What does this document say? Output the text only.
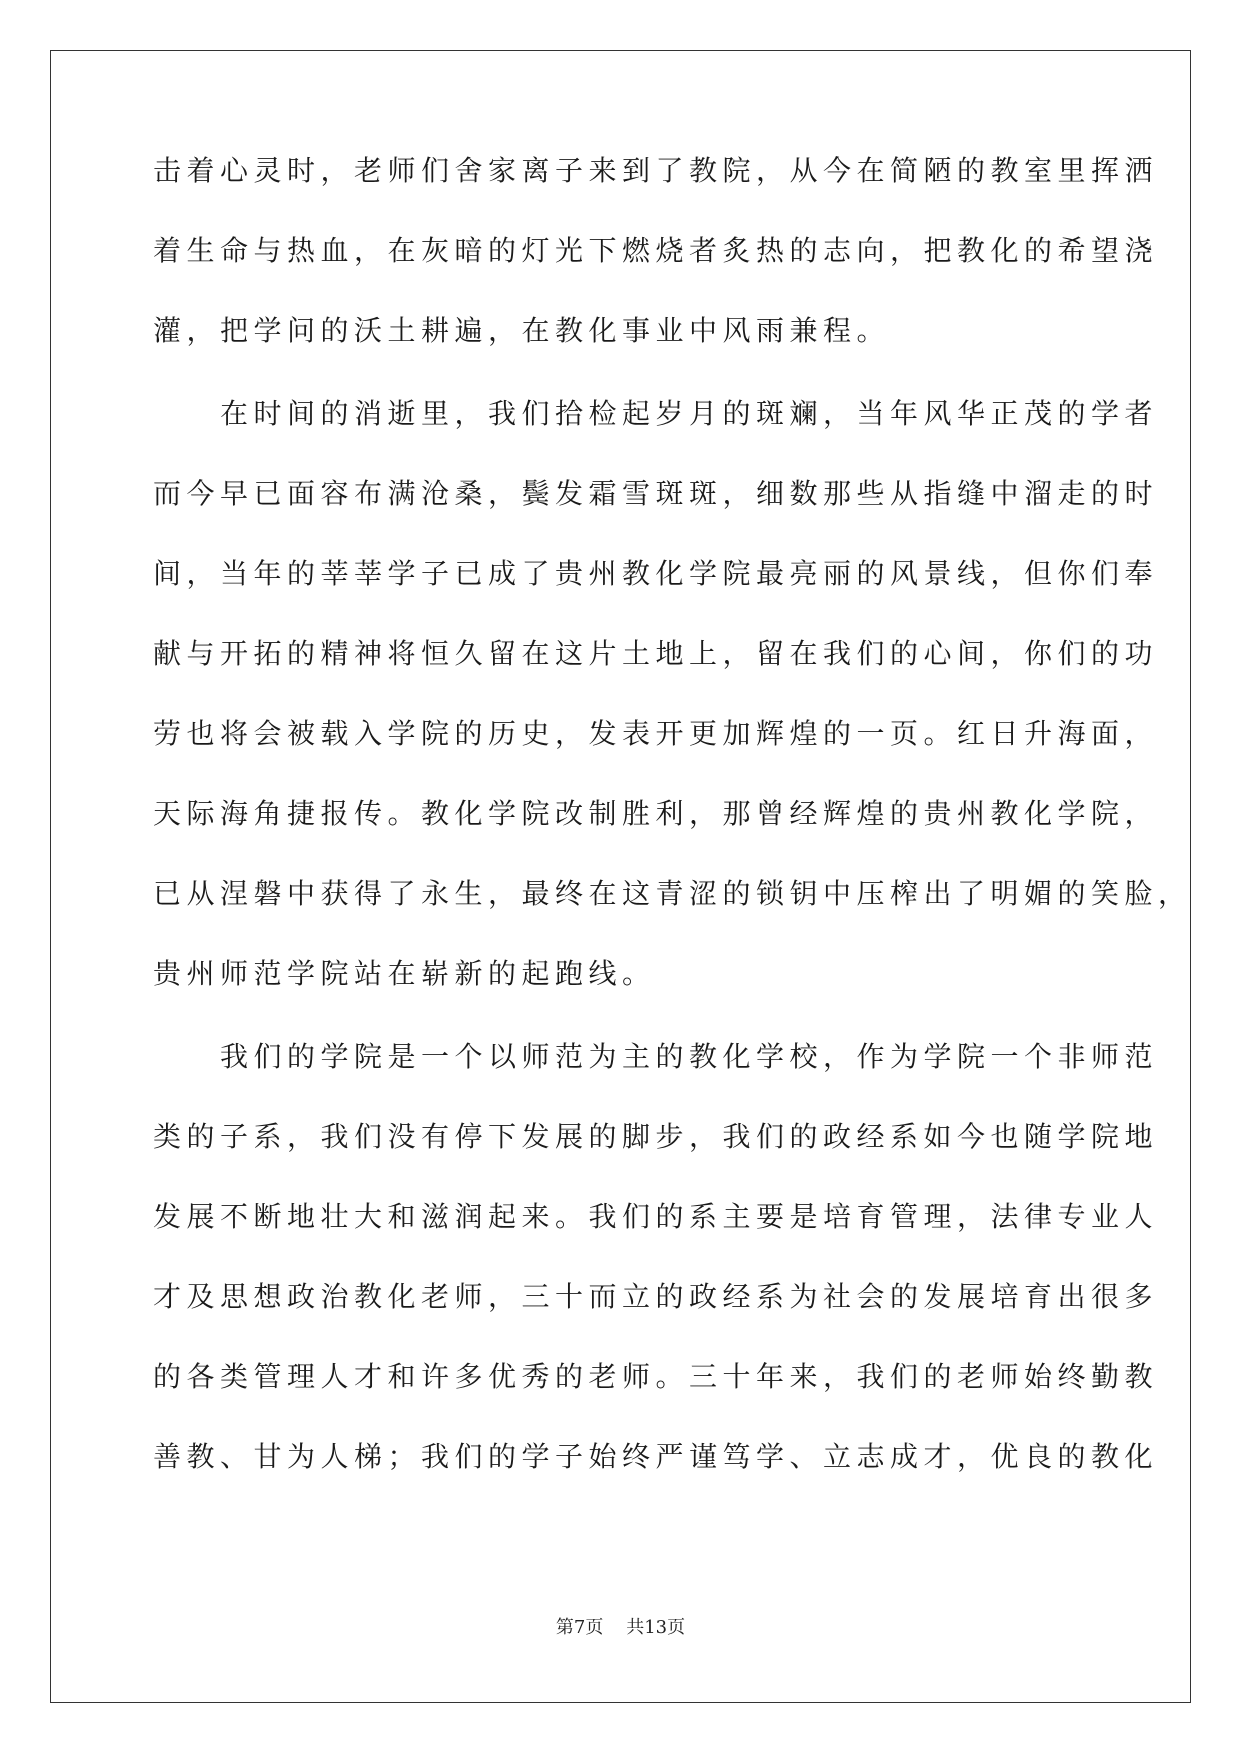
击着心灵时，老师们舍家离子来到了教院，从今在简陋的教室里挥洒

着生命与热血，在灰暗的灯光下燃烧者炙热的志向，把教化的希望浇

灌，把学问的沃土耕遍，在教化事业中风雨兼程。

　　在时间的消逝里，我们拾检起岁月的斑斓，当年风华正茂的学者

而今早已面容布满沧桑，鬓发霜雪斑斑，细数那些从指缝中溜走的时

间，当年的莘莘学子已成了贵州教化学院最亮丽的风景线，但你们奉

献与开拓的精神将恒久留在这片土地上，留在我们的心间，你们的功

劳也将会被载入学院的历史，发表开更加辉煌的一页。红日升海面，

天际海角捷报传。教化学院改制胜利，那曾经辉煌的贵州教化学院，

已从涅磐中获得了永生，最终在这青涩的锁钥中压榨出了明媚的笑脸，

贵州师范学院站在崭新的起跑线。

　　我们的学院是一个以师范为主的教化学校，作为学院一个非师范

类的子系，我们没有停下发展的脚步，我们的政经系如今也随学院地

发展不断地壮大和滋润起来。我们的系主要是培育管理，法律专业人

才及思想政治教化老师，三十而立的政经系为社会的发展培育出很多

的各类管理人才和许多优秀的老师。三十年来，我们的老师始终勤教

善教、甘为人梯；我们的学子始终严谨笃学、立志成才，优良的教化

第7页 共13页
